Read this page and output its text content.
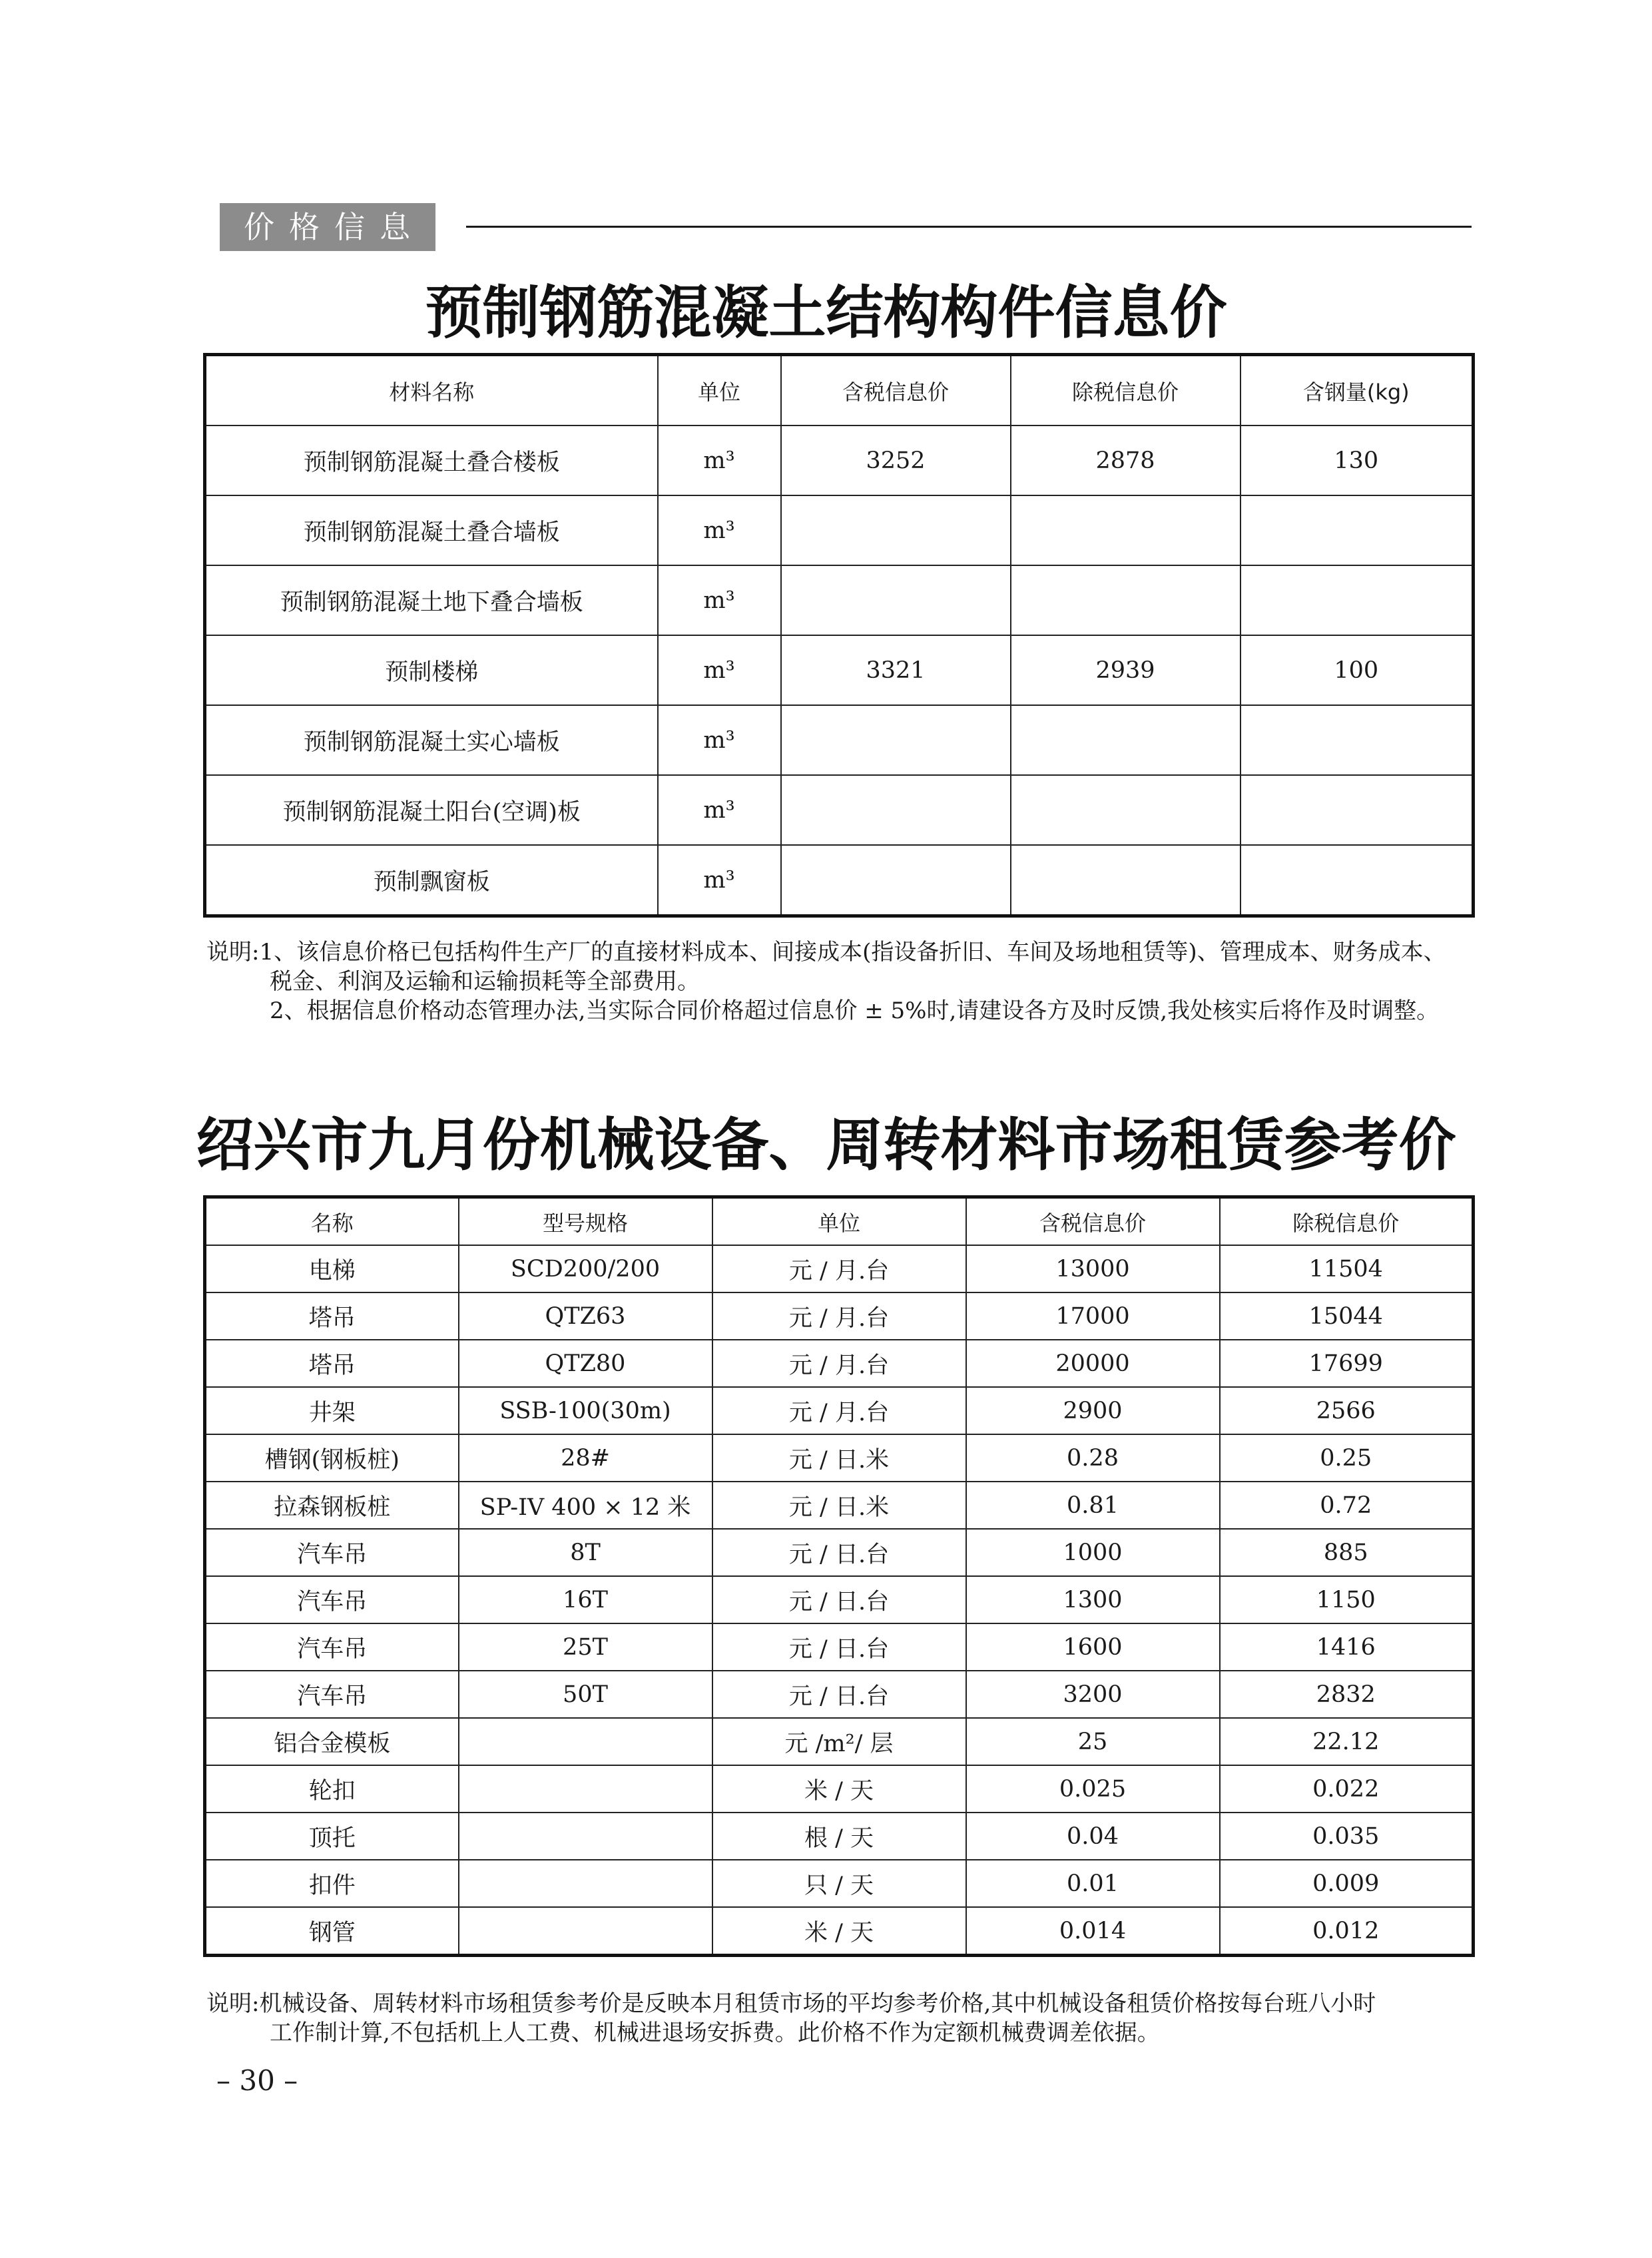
价格信息
预制钢筋混凝土结构构件信息价
材料名称	单位	含税信息价	除税信息价	含钢量(kg)
预制钢筋混凝土叠合楼板	m³	3252	2878	130
预制钢筋混凝土叠合墙板	m³			
预制钢筋混凝土地下叠合墙板	m³			
预制楼梯	m³	3321	2939	100
预制钢筋混凝土实心墙板	m³			
预制钢筋混凝土阳台(空调)板	m³			
预制飘窗板	m³			
说明:1、该信息价格已包括构件生产厂的直接材料成本、间接成本(指设备折旧、车间及场地租赁等)、管理成本、财务成本、
税金、利润及运输和运输损耗等全部费用。
2、根据信息价格动态管理办法,当实际合同价格超过信息价 ± 5%时,请建设各方及时反馈,我处核实后将作及时调整。
绍兴市九月份机械设备、周转材料市场租赁参考价
名称	型号规格	单位	含税信息价	除税信息价
电梯	SCD200/200	元 / 月.台	13000	11504
塔吊	QTZ63	元 / 月.台	17000	15044
塔吊	QTZ80	元 / 月.台	20000	17699
井架	SSB-100(30m)	元 / 月.台	2900	2566
槽钢(钢板桩)	28#	元 / 日.米	0.28	0.25
拉森钢板桩	SP-IV 400 × 12 米	元 / 日.米	0.81	0.72
汽车吊	8T	元 / 日.台	1000	885
汽车吊	16T	元 / 日.台	1300	1150
汽车吊	25T	元 / 日.台	1600	1416
汽车吊	50T	元 / 日.台	3200	2832
铝合金模板		元 /m²/ 层	25	22.12
轮扣		米 / 天	0.025	0.022
顶托		根 / 天	0.04	0.035
扣件		只 / 天	0.01	0.009
钢管		米 / 天	0.014	0.012
说明:机械设备、周转材料市场租赁参考价是反映本月租赁市场的平均参考价格,其中机械设备租赁价格按每台班八小时
工作制计算,不包括机上人工费、机械进退场安拆费。此价格不作为定额机械费调差依据。
– 30 –
